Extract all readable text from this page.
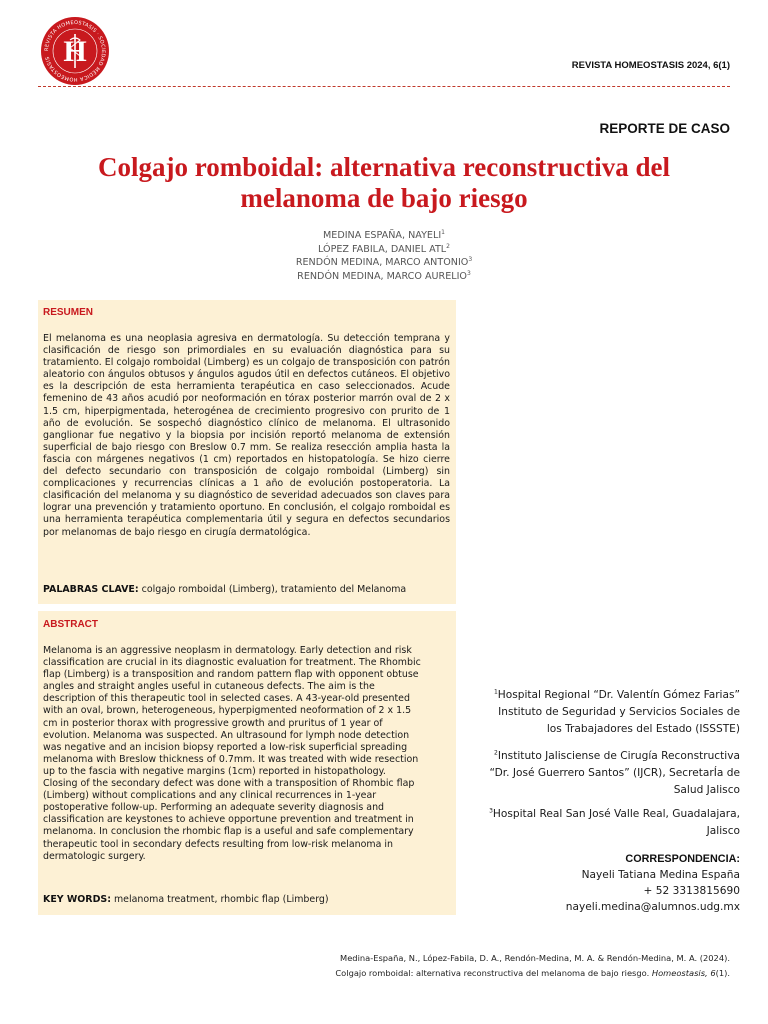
REVISTA HOMEOSTASIS · SOCIEDAD MÉDICA HOMEOSTASIS H	REVISTA HOMEOSTASIS 2024, 6(1)
REPORTE DE CASO
Colgajo romboidal: alternativa reconstructiva del
melanoma de bajo riesgo
MEDINA ESPAÑA, NAYELI$^1$
LÓPEZ FABILA, DANIEL ATL$^2$
RENDÓN MEDINA, MARCO ANTONIO$^3$
RENDÓN MEDINA, MARCO AURELIO$^3$
RESUMEN

El melanoma es una neoplasia agresiva en dermatología. Su detección temprana y clasificación de riesgo son primordiales en su evaluación diagnóstica para su tratamiento. El colgajo romboidal (Limberg) es un colgajo de transposición con patrón aleatorio con ángulos obtusos y ángulos agudos útil en defectos cutáneos. El objetivo es la descripción de esta herramienta terapéutica en caso seleccionados. Acude femenino de 43 años acudió por neoformación en tórax posterior marrón oval de 2 x 1.5 cm, hiperpigmentada, heterogénea de crecimiento progresivo con prurito de 1 año de evolución. Se sospechó diagnóstico clínico de melanoma. El ultrasonido ganglionar fue negativo y la biopsia por incisión reportó melanoma de extensión superficial de bajo riesgo con Breslow 0.7 mm. Se realiza resección amplia hasta la fascia con márgenes negativos (1 cm) reportados en histopatología. Se hizo cierre del defecto secundario con transposición de colgajo romboidal (Limberg) sin complicaciones y recurrencias clínicas a 1 año de evolución postoperatoria. La clasificación del melanoma y su diagnóstico de severidad adecuados son claves para lograr una prevención y tratamiento oportuno. En conclusión, el colgajo romboidal es una herramienta terapéutica complementaria útil y segura en defectos secundarios por melanomas de bajo riesgo en cirugía dermatológica.

PALABRAS CLAVE: colgajo romboidal (Limberg), tratamiento del Melanoma
ABSTRACT
Melanoma is an aggressive neoplasm in dermatology. Early detection and risk
classification are crucial in its diagnostic evaluation for treatment. The Rhombic
flap (Limberg) is a transposition and random pattern flap with opponent obtuse
angles and straight angles useful in cutaneous defects. The aim is the
description of this therapeutic tool in selected cases. A 43-year-old presented
with an oval, brown, heterogeneous, hyperpigmented neoformation of 2 x 1.5
cm in posterior thorax with progressive growth and pruritus of 1 year of
evolution. Melanoma was suspected. An ultrasound for lymph node detection
was negative and an incision biopsy reported a low-risk superficial spreading
melanoma with Breslow thickness of 0.7mm. It was treated with wide resection
up to the fascia with negative margins (1cm) reported in histopathology.
Closing of the secondary defect was done with a transposition of Rhombic flap
(Limberg) without complications and any clinical recurrences in 1-year
postoperative follow-up. Performing an adequate severity diagnosis and
classification are keystones to achieve opportune prevention and treatment in
melanoma. In conclusion the rhombic flap is a useful and safe complementary
therapeutic tool in secondary defects resulting from low-risk melanoma in
dermatologic surgery.
KEY WORDS: melanoma treatment, rhombic flap (Limberg)
$^1$Hospital Regional “Dr. Valentín Gómez Farias”
Instituto de Seguridad y Servicios Sociales de
los Trabajadores del Estado (ISSSTE)
$^2$Instituto Jalisciense de Cirugía Reconstructiva
“Dr. José Guerrero Santos” (IJCR), SecretarÍa de
Salud Jalisco
$^3$Hospital Real San José Valle Real, Guadalajara,
Jalisco
CORRESPONDENCIA:
Nayeli Tatiana Medina España
+ 52 3313815690
nayeli.medina@alumnos.udg.mx
Medina-España, N., López-Fabila, D. A., Rendón-Medina, M. A. & Rendón-Medina, M. A. (2024).
Colgajo romboidal: alternativa reconstructiva del melanoma de bajo riesgo. Homeostasis, 6(1).
